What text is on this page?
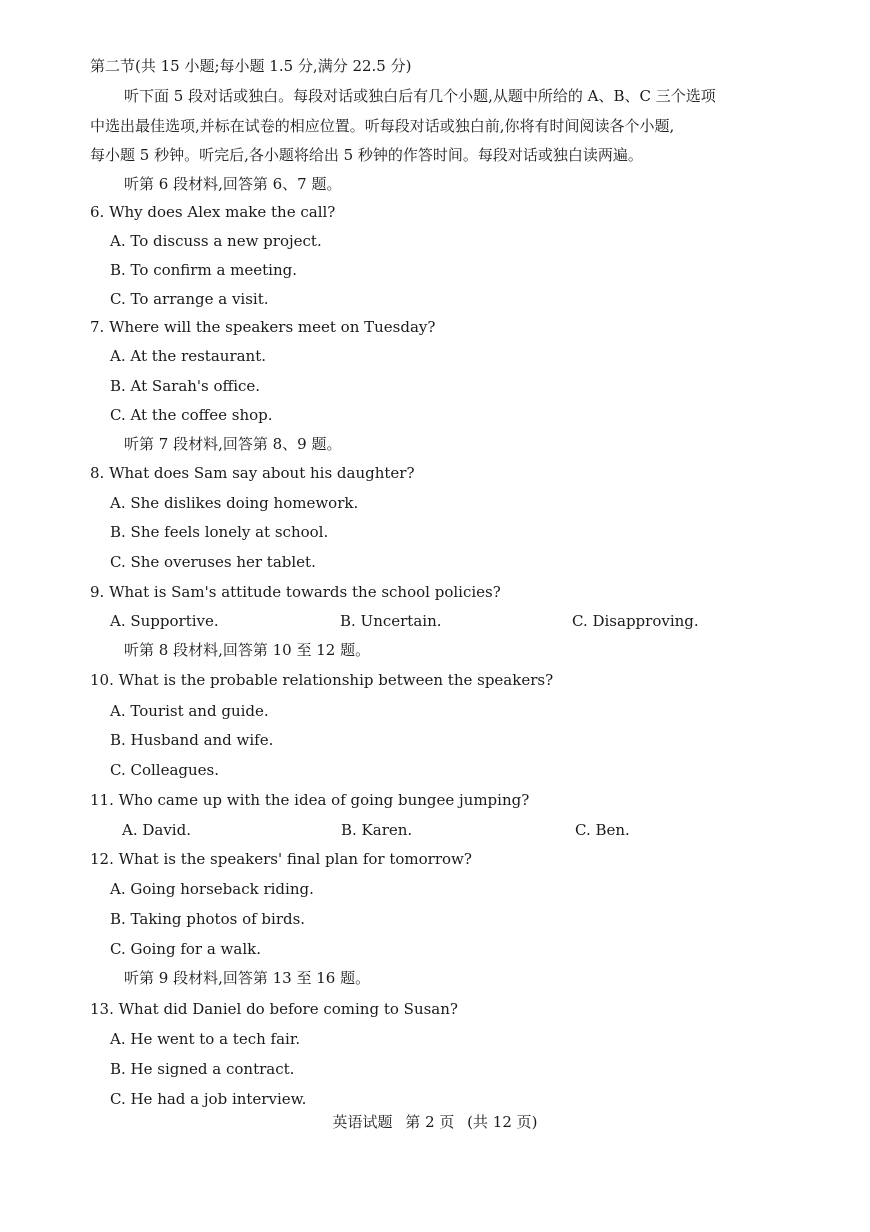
第二节(共 15 小题;每小题 1.5 分,满分 22.5 分)
听下面 5 段对话或独白。每段对话或独白后有几个小题,从题中所给的 A、B、C 三个选项
中选出最佳选项,并标在试卷的相应位置。听每段对话或独白前,你将有时间阅读各个小题,
每小题 5 秒钟。听完后,各小题将给出 5 秒钟的作答时间。每段对话或独白读两遍。
听第 6 段材料,回答第 6、7 题。
6. Why does Alex make the call?
A. To discuss a new project.
B. To confirm a meeting.
C. To arrange a visit.
7. Where will the speakers meet on Tuesday?
A. At the restaurant.
B. At Sarah's office.
C. At the coffee shop.
听第 7 段材料,回答第 8、9 题。
8. What does Sam say about his daughter?
A. She dislikes doing homework.
B. She feels lonely at school.
C. She overuses her tablet.
9. What is Sam's attitude towards the school policies?
A. Supportive.	B. Uncertain.	C. Disapproving.
听第 8 段材料,回答第 10 至 12 题。
10. What is the probable relationship between the speakers?
A. Tourist and guide.
B. Husband and wife.
C. Colleagues.
11. Who came up with the idea of going bungee jumping?
A. David.	B. Karen.	C. Ben.
12. What is the speakers' final plan for tomorrow?
A. Going horseback riding.
B. Taking photos of birds.
C. Going for a walk.
听第 9 段材料,回答第 13 至 16 题。
13. What did Daniel do before coming to Susan?
A. He went to a tech fair.
B. He signed a contract.
C. He had a job interview.
英语试题 第 2 页 (共 12 页)
